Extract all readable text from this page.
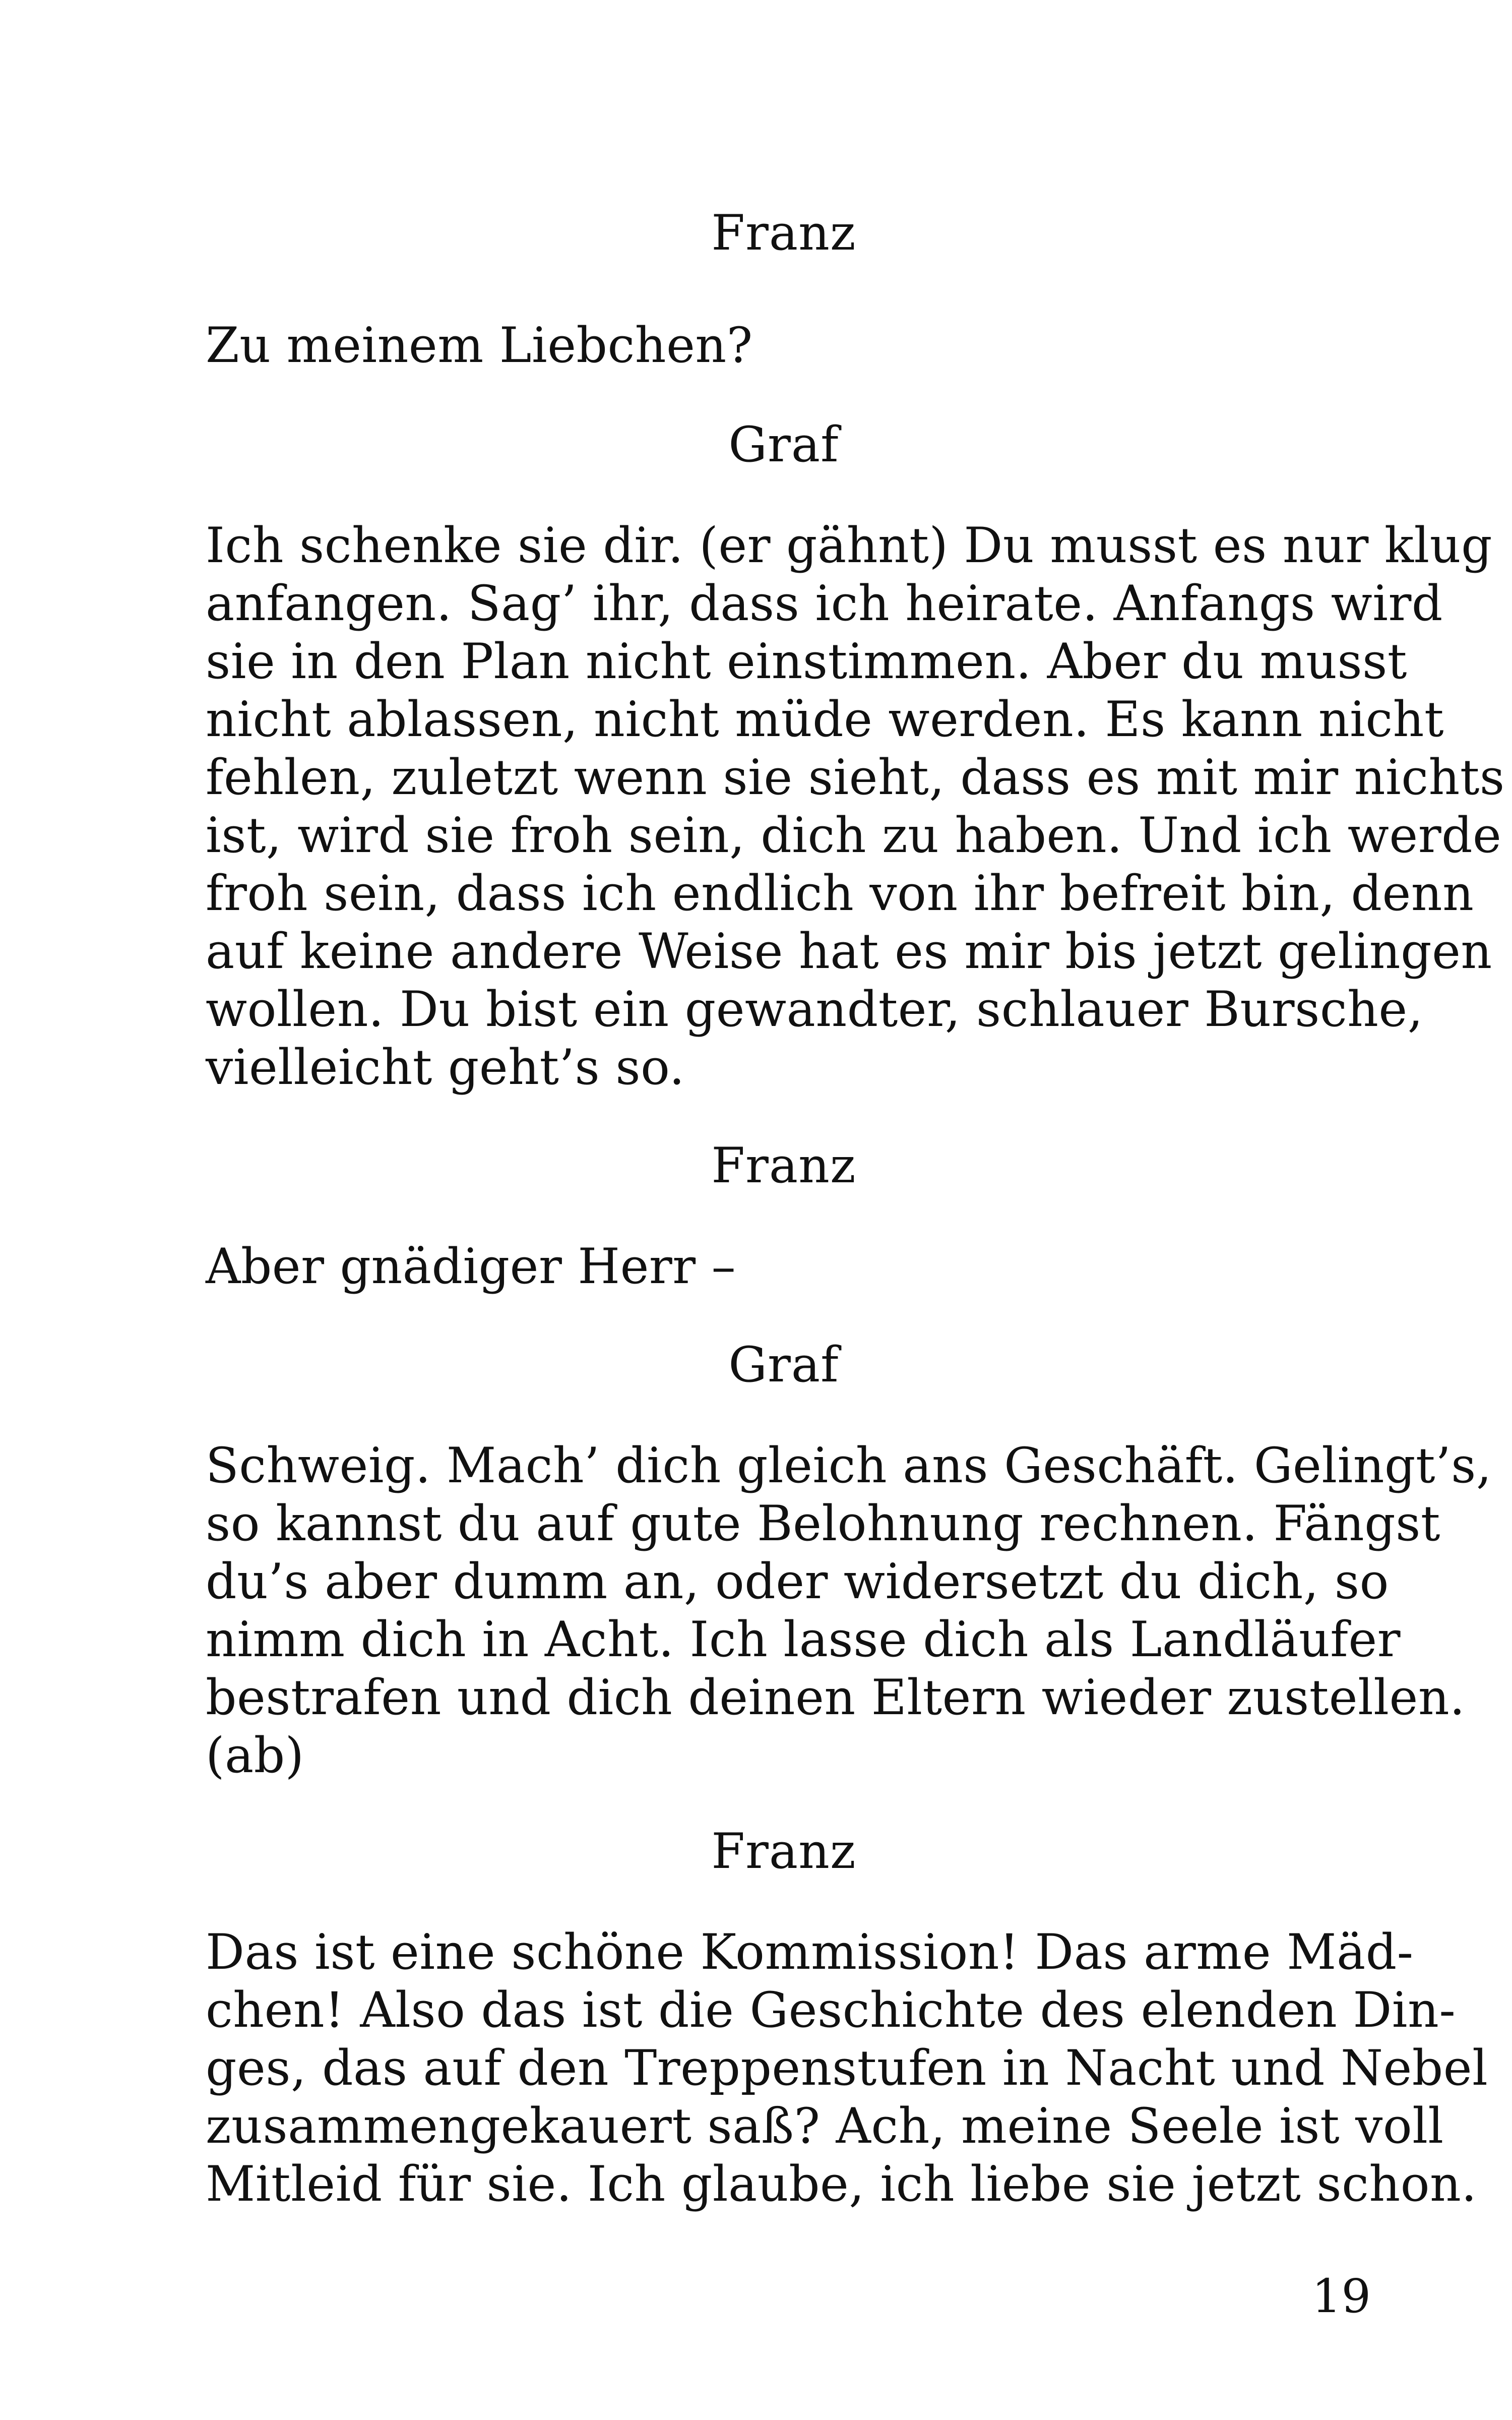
Franz
Zu meinem Liebchen?
Graf
Ich schenke sie dir. (er gähnt) Du musst es nur klug
anfangen. Sag’ ihr, dass ich heirate. Anfangs wird
sie in den Plan nicht einstimmen. Aber du musst
nicht ablassen, nicht müde werden. Es kann nicht
fehlen, zuletzt wenn sie sieht, dass es mit mir nichts
ist, wird sie froh sein, dich zu haben. Und ich werde
froh sein, dass ich endlich von ihr befreit bin, denn
auf keine andere Weise hat es mir bis jetzt gelingen
wollen. Du bist ein gewandter, schlauer Bursche,
vielleicht geht’s so.
Franz
Aber gnädiger Herr –
Graf
Schweig. Mach’ dich gleich ans Geschäft. Gelingt’s,
so kannst du auf gute Belohnung rechnen. Fängst
du’s aber dumm an, oder widersetzt du dich, so
nimm dich in Acht. Ich lasse dich als Landläufer
bestrafen und dich deinen Eltern wieder zustellen.
(ab)
Franz
Das ist eine schöne Kommission! Das arme Mäd-
chen! Also das ist die Geschichte des elenden Din-
ges, das auf den Treppenstufen in Nacht und Nebel
zusammengekauert saß? Ach, meine Seele ist voll
Mitleid für sie. Ich glaube, ich liebe sie jetzt schon.
19
